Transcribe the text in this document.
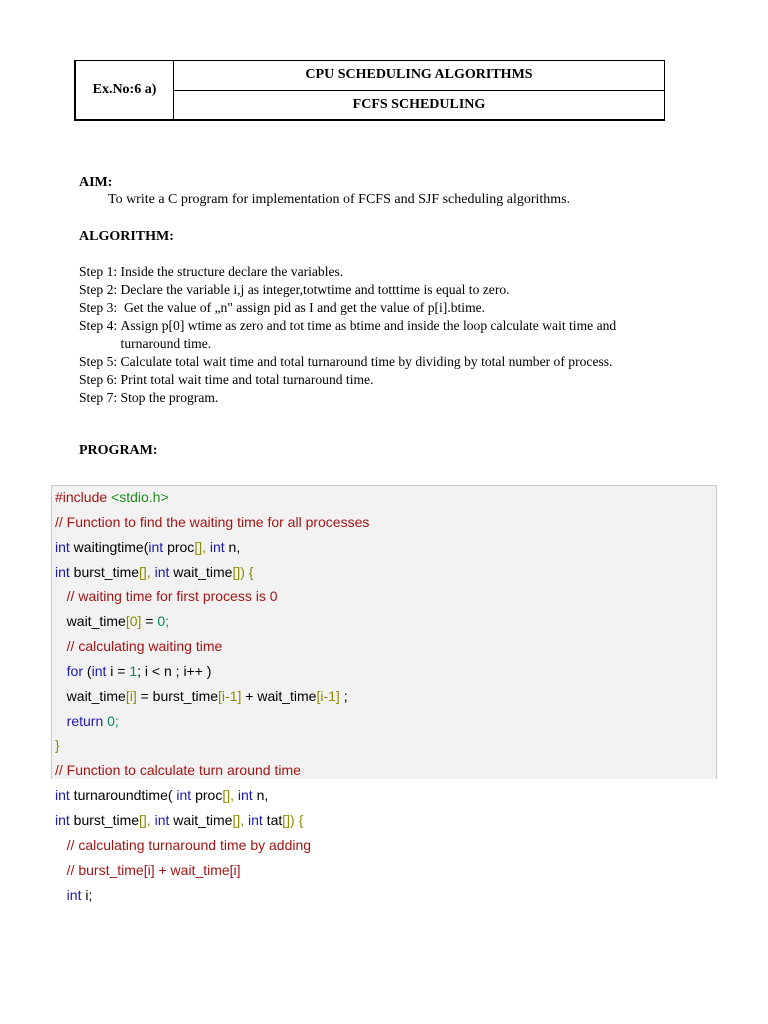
Ex.No:6 a)
CPU SCHEDULING ALGORITHMS
FCFS SCHEDULING
AIM:
To write a C program for implementation of FCFS and SJF scheduling algorithms.
ALGORITHM:
Step 1: Inside the structure declare the variables.
Step 2: Declare the variable i,j as integer,totwtime and totttime is equal to zero.
Step 3: Get the value of „n" assign pid as I and get the value of p[i].btime.
Step 4: Assign p[0] wtime as zero and tot time as btime and inside the loop calculate wait time and turnaround time.
Step 5: Calculate total wait time and total turnaround time by dividing by total number of process.
Step 6: Print total wait time and total turnaround time.
Step 7: Stop the program.
PROGRAM:
#include <stdio.h>
// Function to find the waiting time for all processes
int waitingtime(int proc[], int n,
int burst_time[], int wait_time[]) {
// waiting time for first process is 0
wait_time[0] = 0;
// calculating waiting time
for (int i = 1; i < n ; i++ )
wait_time[i] = burst_time[i-1] + wait_time[i-1] ;
return 0;
}
// Function to calculate turn around time
int turnaroundtime( int proc[], int n,
int burst_time[], int wait_time[], int tat[]) {
// calculating turnaround time by adding
// burst_time[i] + wait_time[i]
int i;
